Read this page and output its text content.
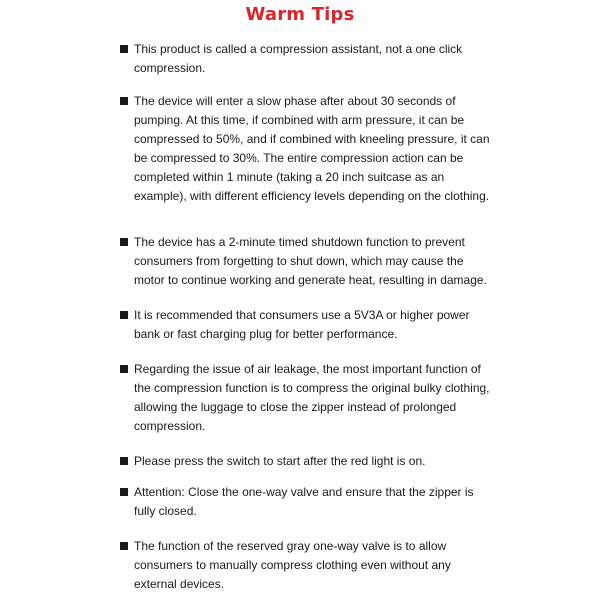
Warm Tips
This product is called a compression assistant, not a one click compression.
The device will enter a slow phase after about 30 seconds of pumping. At this time, if combined with arm pressure, it can be compressed to 50%, and if combined with kneeling pressure, it can be compressed to 30%. The entire compression action can be completed within 1 minute (taking a 20 inch suitcase as an example), with different efficiency levels depending on the clothing.
The device has a 2-minute timed shutdown function to prevent consumers from forgetting to shut down, which may cause the motor to continue working and generate heat, resulting in damage.
It is recommended that consumers use a 5V3A or higher power bank or fast charging plug for better performance.
Regarding the issue of air leakage, the most important function of the compression function is to compress the original bulky clothing, allowing the luggage to close the zipper instead of prolonged compression.
Please press the switch to start after the red light is on.
Attention: Close the one-way valve and ensure that the zipper is fully closed.
The function of the reserved gray one-way valve is to allow consumers to manually compress clothing even without any external devices.
